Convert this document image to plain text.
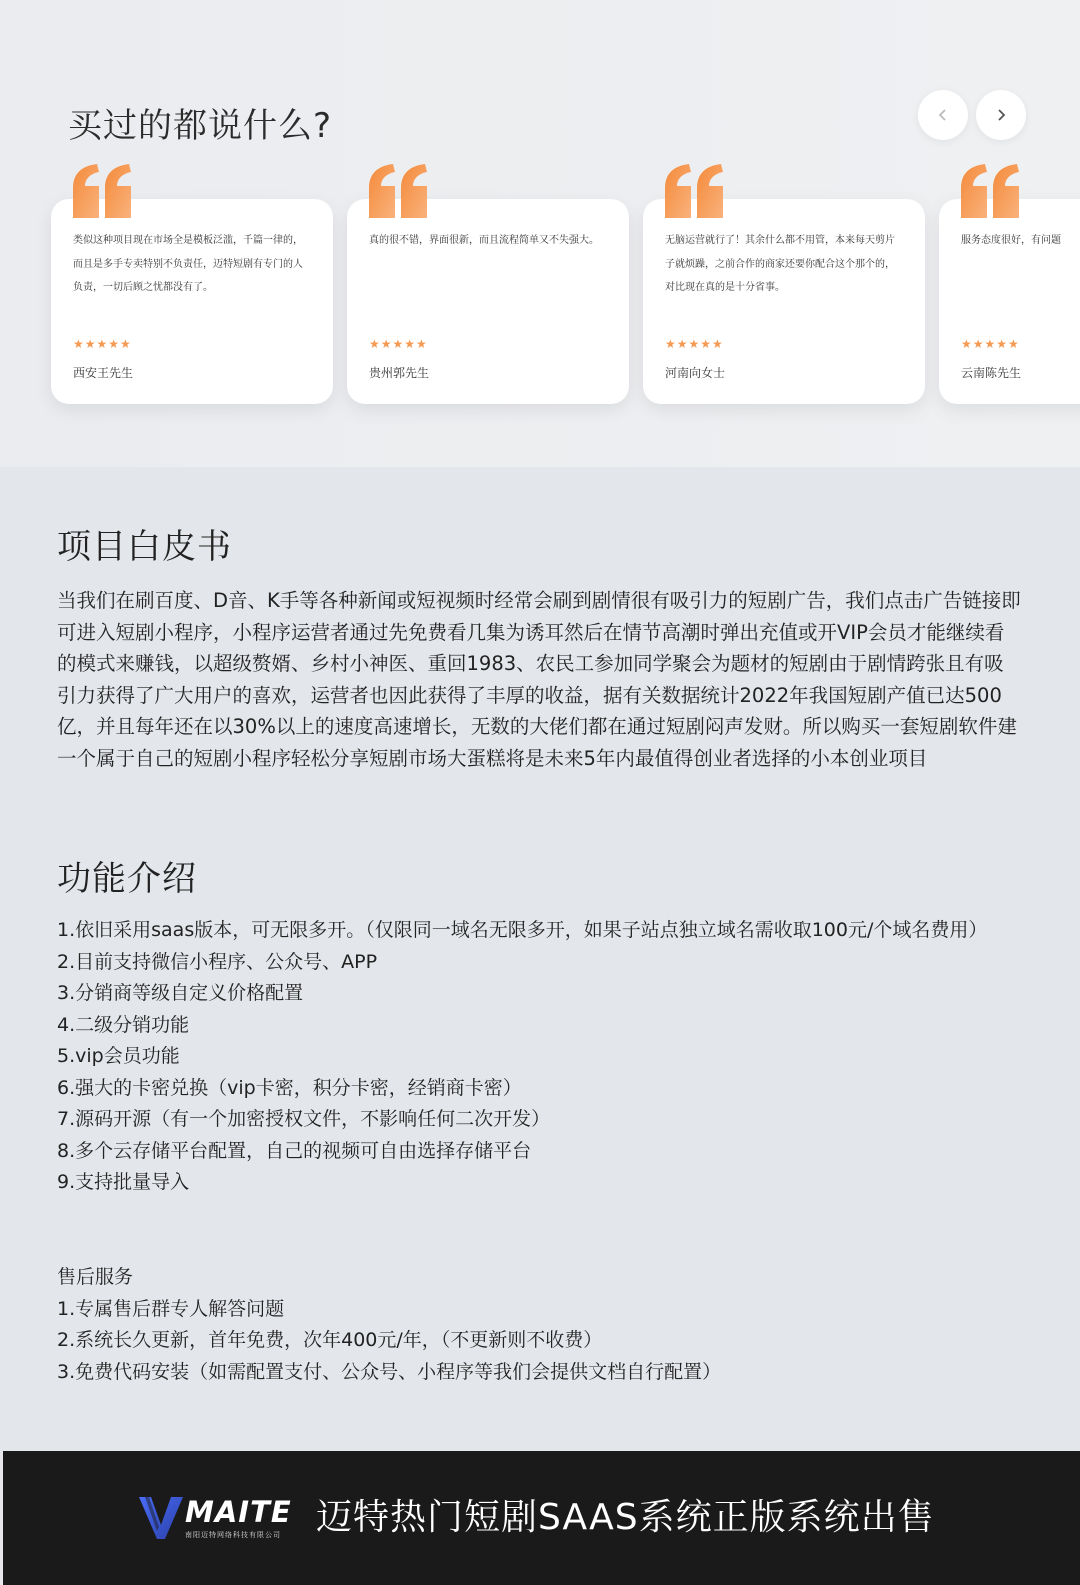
买过的都说什么?
类似这种项目现在市场全是模板泛滥，千篇一律的，而且是多手专卖特别不负责任，迈特短剧有专门的人负责，一切后顾之忧都没有了。
★★★★★
西安王先生
真的很不错，界面很新，而且流程简单又不失强大。
★★★★★
贵州郭先生
无脑运营就行了！其余什么都不用管，本来每天剪片子就烦躁，之前合作的商家还要你配合这个那个的，对比现在真的是十分省事。
★★★★★
河南向女士
服务态度很好，有问题
★★★★★
云南陈先生
项目白皮书

当我们在刷百度、D音、K手等各种新闻或短视频时经常会刷到剧情很有吸引力的短剧广告，我们点击广告链接即可进入短剧小程序，小程序运营者通过先免费看几集为诱耳然后在情节高潮时弹出充值或开VIP会员才能继续看的模式来赚钱，以超级赘婿、乡村小神医、重回1983、农民工参加同学聚会为题材的短剧由于剧情跨张且有吸引力获得了广大用户的喜欢，运营者也因此获得了丰厚的收益，据有关数据统计2022年我国短剧产值已达500亿，并且每年还在以30%以上的速度高速增长，无数的大佬们都在通过短剧闷声发财。所以购买一套短剧软件建一个属于自己的短剧小程序轻松分享短剧市场大蛋糕将是未来5年内最值得创业者选择的小本创业项目

功能介绍
1.依旧采用saas版本，可无限多开。（仅限同一域名无限多开，如果子站点独立域名需收取100元/个域名费用）
2.目前支持微信小程序、公众号、APP
3.分销商等级自定义价格配置
4.二级分销功能
5.vip会员功能
6.强大的卡密兑换（vip卡密，积分卡密，经销商卡密）
7.源码开源（有一个加密授权文件，不影响任何二次开发）
8.多个云存储平台配置，自己的视频可自由选择存储平台
9.支持批量导入
售后服务
1.专属售后群专人解答问题
2.系统长久更新，首年免费，次年400元/年，（不更新则不收费）
3.免费代码安装（如需配置支付、公众号、小程序等我们会提供文档自行配置）
MAITE
南阳迈特网络科技有限公司 迈特热门短剧SAAS系统正版系统出售
